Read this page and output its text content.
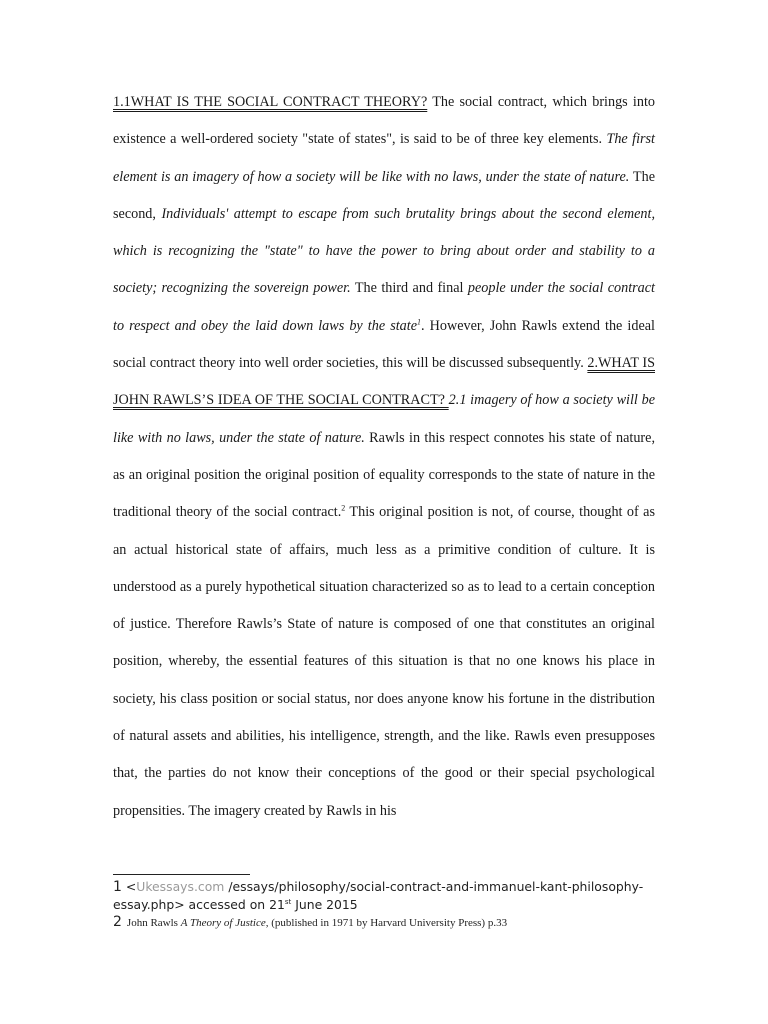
1.1WHAT IS THE SOCIAL CONTRACT THEORY? The social contract, which brings into existence a well-ordered society "state of states", is said to be of three key elements. The first element is an imagery of how a society will be like with no laws, under the state of nature. The second, Individuals' attempt to escape from such brutality brings about the second element, which is recognizing the "state" to have the power to bring about order and stability to a society; recognizing the sovereign power. The third and final people under the social contract to respect and obey the laid down laws by the state$^1$. However, John Rawls extend the ideal social contract theory into well order societies, this will be discussed subsequently. 2.WHAT IS JOHN RAWLS’S IDEA OF THE SOCIAL CONTRACT? 2.1 imagery of how a society will be like with no laws, under the state of nature. Rawls in this respect connotes his state of nature, as an original position the original position of equality corresponds to the state of nature in the traditional theory of the social contract.$^2$ This original position is not, of course, thought of as an actual historical state of affairs, much less as a primitive condition of culture. It is understood as a purely hypothetical situation characterized so as to lead to a certain conception of justice. Therefore Rawls’s State of nature is composed of one that constitutes an original position, whereby, the essential features of this situation is that no one knows his place in society, his class position or social status, nor does anyone know his fortune in the distribution of natural assets and abilities, his intelligence, strength, and the like. Rawls even presupposes that, the parties do not know their conceptions of the good or their special psychological propensities. The imagery created by Rawls in his

1 <Ukessays.com /essays/philosophy/social-contract-and-immanuel-kant-philosophy-essay.php> accessed on 21st June 2015

2 John Rawls A Theory of Justice, (published in 1971 by Harvard University Press) p.33
